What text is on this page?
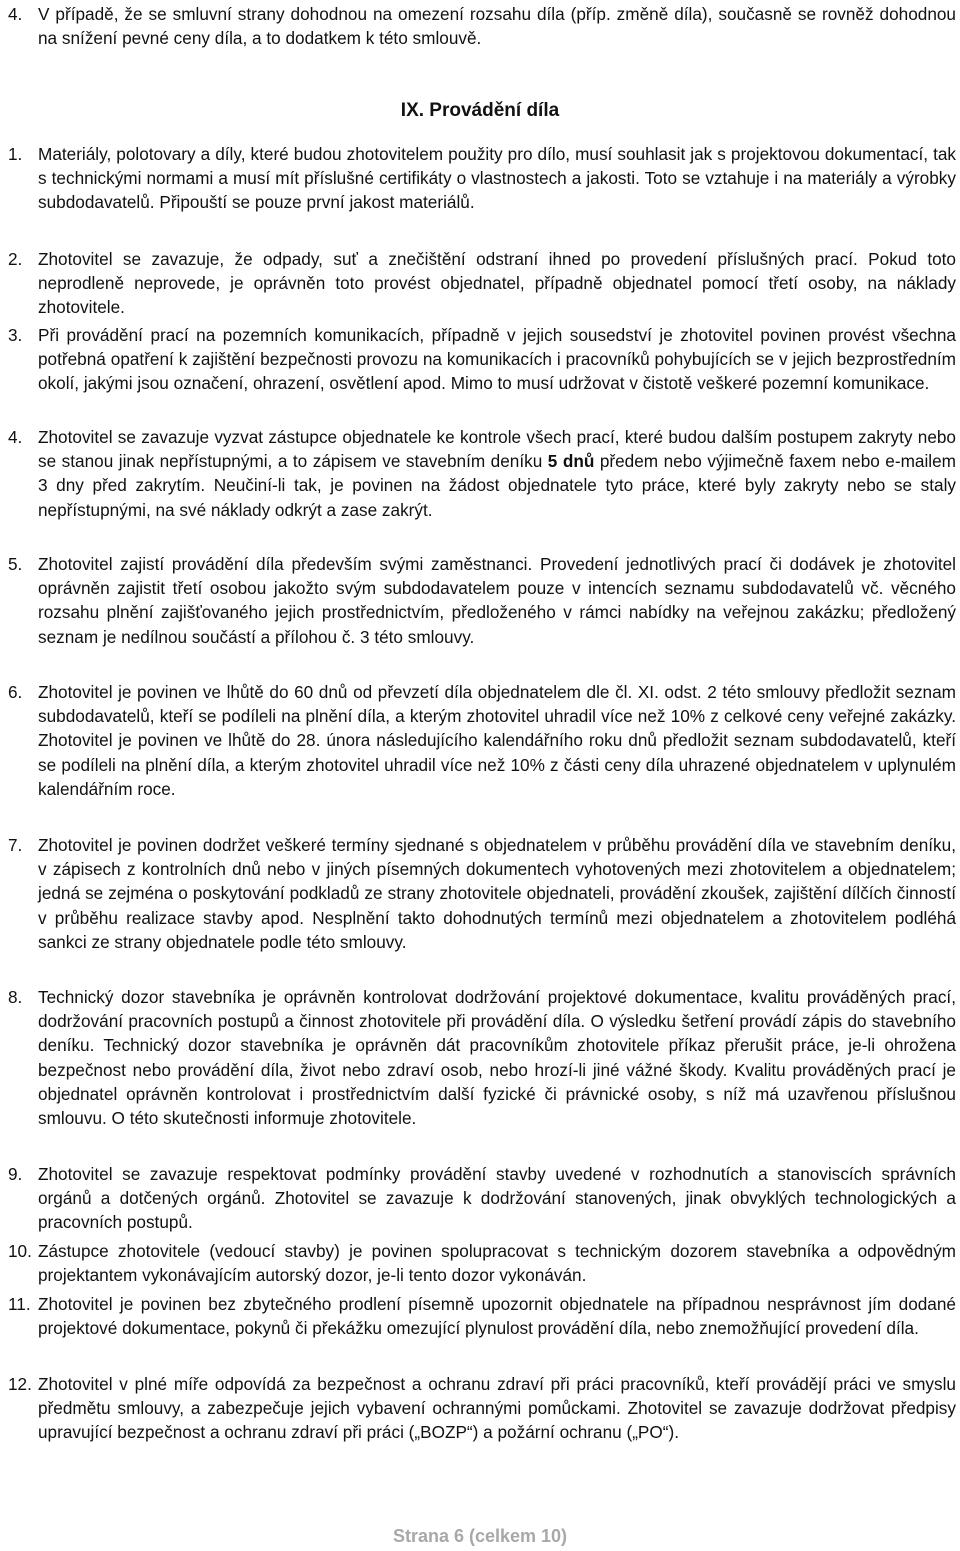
4. V případě, že se smluvní strany dohodnou na omezení rozsahu díla (příp. změně díla), současně se rovněž dohodnou na snížení pevné ceny díla, a to dodatkem k této smlouvě.
IX. Provádění díla
1. Materiály, polotovary a díly, které budou zhotovitelem použity pro dílo, musí souhlasit jak s projektovou dokumentací, tak s technickými normami a musí mít příslušné certifikáty o vlastnostech a jakosti. Toto se vztahuje i na materiály a výrobky subdodavatelů. Připouští se pouze první jakost materiálů.
2. Zhotovitel se zavazuje, že odpady, suť a znečištění odstraní ihned po provedení příslušných prací. Pokud toto neprodleně neprovede, je oprávněn toto provést objednatel, případně objednatel pomocí třetí osoby, na náklady zhotovitele.
3. Při provádění prací na pozemních komunikacích, případně v jejich sousedství je zhotovitel povinen provést všechna potřebná opatření k zajištění bezpečnosti provozu na komunikacích i pracovníků pohybujících se v jejich bezprostředním okolí, jakými jsou označení, ohrazení, osvětlení apod. Mimo to musí udržovat v čistotě veškeré pozemní komunikace.
4. Zhotovitel se zavazuje vyzvat zástupce objednatele ke kontrole všech prací, které budou dalším postupem zakryty nebo se stanou jinak nepřístupnými, a to zápisem ve stavebním deníku 5 dnů předem nebo výjimečně faxem nebo e-mailem 3 dny před zakrytím. Neučiní-li tak, je povinen na žádost objednatele tyto práce, které byly zakryty nebo se staly nepřístupnými, na své náklady odkrýt a zase zakrýt.
5. Zhotovitel zajistí provádění díla především svými zaměstnanci. Provedení jednotlivých prací či dodávek je zhotovitel oprávněn zajistit třetí osobou jakožto svým subdodavatelem pouze v intencích seznamu subdodavatelů vč. věcného rozsahu plnění zajišťovaného jejich prostřednictvím, předloženého v rámci nabídky na veřejnou zakázku; předložený seznam je nedílnou součástí a přílohou č. 3 této smlouvy.
6. Zhotovitel je povinen ve lhůtě do 60 dnů od převzetí díla objednatelem dle čl. XI. odst. 2 této smlouvy předložit seznam subdodavatelů, kteří se podíleli na plnění díla, a kterým zhotovitel uhradil více než 10% z celkové ceny veřejné zakázky. Zhotovitel je povinen ve lhůtě do 28. února následujícího kalendářního roku dnů předložit seznam subdodavatelů, kteří se podíleli na plnění díla, a kterým zhotovitel uhradil více než 10% z části ceny díla uhrazené objednatelem v uplynulém kalendářním roce.
7. Zhotovitel je povinen dodržet veškeré termíny sjednané s objednatelem v průběhu provádění díla ve stavebním deníku, v zápisech z kontrolních dnů nebo v jiných písemných dokumentech vyhotovených mezi zhotovitelem a objednatelem; jedná se zejména o poskytování podkladů ze strany zhotovitele objednateli, provádění zkoušek, zajištění dílčích činností v průběhu realizace stavby apod. Nesplnění takto dohodnutých termínů mezi objednatelem a zhotovitelem podléhá sankci ze strany objednatele podle této smlouvy.
8. Technický dozor stavebníka je oprávněn kontrolovat dodržování projektové dokumentace, kvalitu prováděných prací, dodržování pracovních postupů a činnost zhotovitele při provádění díla. O výsledku šetření provádí zápis do stavebního deníku. Technický dozor stavebníka je oprávněn dát pracovníkům zhotovitele příkaz přerušit práce, je-li ohrožena bezpečnost nebo provádění díla, život nebo zdraví osob, nebo hrozí-li jiné vážné škody. Kvalitu prováděných prací je objednatel oprávněn kontrolovat i prostřednictvím další fyzické či právnické osoby, s níž má uzavřenou příslušnou smlouvu. O této skutečnosti informuje zhotovitele.
9. Zhotovitel se zavazuje respektovat podmínky provádění stavby uvedené v rozhodnutích a stanoviscích správních orgánů a dotčených orgánů. Zhotovitel se zavazuje k dodržování stanovených, jinak obvyklých technologických a pracovních postupů.
10. Zástupce zhotovitele (vedoucí stavby) je povinen spolupracovat s technickým dozorem stavebníka a odpovědným projektantem vykonávajícím autorský dozor, je-li tento dozor vykonáván.
11. Zhotovitel je povinen bez zbytečného prodlení písemně upozornit objednatele na případnou nesprávnost jím dodané projektové dokumentace, pokynů či překážku omezující plynulost provádění díla, nebo znemožňující provedení díla.
12. Zhotovitel v plné míře odpovídá za bezpečnost a ochranu zdraví při práci pracovníků, kteří provádějí práci ve smyslu předmětu smlouvy, a zabezpečuje jejich vybavení ochrannými pomůckami. Zhotovitel se zavazuje dodržovat předpisy upravující bezpečnost a ochranu zdraví při práci („BOZP“) a požární ochranu („PO“).
Strana 6 (celkem 10)
